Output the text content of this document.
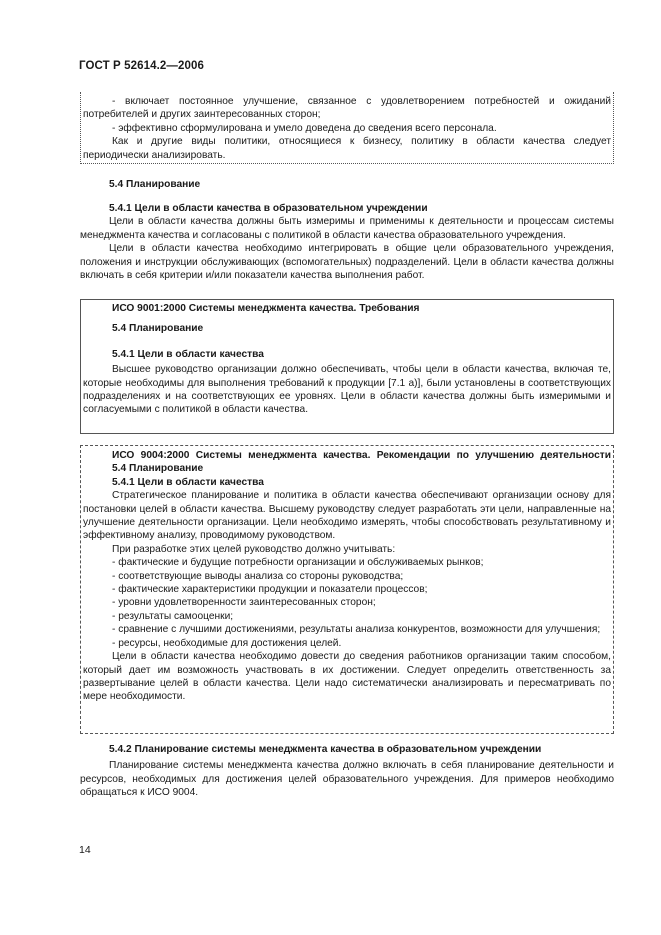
ГОСТ Р 52614.2—2006

- включает постоянное улучшение, связанное с удовлетворением потребностей и ожиданий

потребителей и других заинтересованных сторон;

- эффективно сформулирована и умело доведена до сведения всего персонала.

Как и другие виды политики, относящиеся к бизнесу, политику в области качества следует

периодически анализировать.

5.4 Планирование

5.4.1 Цели в области качества в образовательном учреждении

Цели в области качества должны быть измеримы и применимы к деятельности и процессам системы менеджмента качества и согласованы с политикой в области качества образовательного учреждения.

Цели в области качества необходимо интегрировать в общие цели образовательного учреждения, положения и инструкции обслуживающих (вспомогательных) подразделений. Цели в области качества должны включать в себя критерии и/или показатели качества выполнения работ.

ИСО 9001:2000 Системы менеджмента качества. Требования

5.4 Планирование

5.4.1 Цели в области качества

Высшее руководство организации должно обеспечивать, чтобы цели в области качества, включая те, которые необходимы для выполнения требований к продукции [7.1 а)], были установлены в соответствующих подразделениях и на соответствующих ее уровнях. Цели в области качества должны быть измеримыми и согласуемыми с политикой в области качества.

ИСО 9004:2000 Системы менеджмента качества. Рекомендации по улучшению деятельности

5.4 Планирование

5.4.1 Цели в области качества

Стратегическое планирование и политика в области качества обеспечивают организации основу для постановки целей в области качества. Высшему руководству следует разработать эти цели, направленные на улучшение деятельности организации. Цели необходимо измерять, чтобы способствовать результативному и эффективному анализу, проводимому руководством.

При разработке этих целей руководство должно учитывать:

- фактические и будущие потребности организации и обслуживаемых рынков;

- соответствующие выводы анализа со стороны руководства;

- фактические характеристики продукции и показатели процессов;

- уровни удовлетворенности заинтересованных сторон;

- результаты самооценки;

- сравнение с лучшими достижениями, результаты анализа конкурентов, возможности для улучшения;

- ресурсы, необходимые для достижения целей.

Цели в области качества необходимо довести до сведения работников организации таким способом, который дает им возможность участвовать в их достижении. Следует определить ответственность за развертывание целей в области качества. Цели надо систематически анализировать и пересматривать по мере необходимости.

5.4.2 Планирование системы менеджмента качества в образовательном учреждении

Планирование системы менеджмента качества должно включать в себя планирование деятельности и ресурсов, необходимых для достижения целей образовательного учреждения. Для примеров необходимо обращаться к ИСО 9004.

14
